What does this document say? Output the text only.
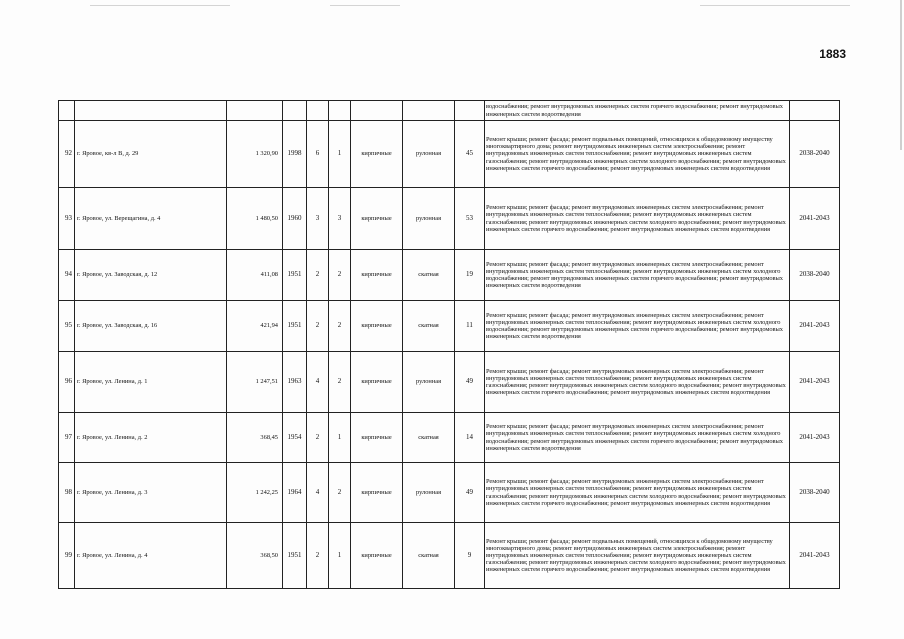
1883
									водоснабжения; ремонт внутридомовых инженерных систем горячего водоснабжения; ремонт внутридомовых инженерных систем водоотведения	
92	г. Яровое, кв-л В, д. 29	1 320,90	1998	6	1	кирпичные	рулонная	45	Ремонт крыши; ремонт фасада; ремонт подвальных помещений, относящихся к общедомовому имуществу многоквартирного дома; ремонт внутридомовых инженерных систем электроснабжения; ремонт внутридомовых инженерных систем теплоснабжения; ремонт внутридомовых инженерных систем газоснабжения; ремонт внутридомовых инженерных систем холодного водоснабжения; ремонт внутридомовых инженерных систем горячего водоснабжения; ремонт внутридомовых инженерных систем водоотведения	2038-2040
93	г. Яровое, ул. Верещагина, д. 4	1 480,50	1960	3	3	кирпичные	рулонная	53	Ремонт крыши; ремонт фасада; ремонт внутридомовых инженерных систем электроснабжения; ремонт внутридомовых инженерных систем теплоснабжения; ремонт внутридомовых инженерных систем газоснабжения; ремонт внутридомовых инженерных систем холодного водоснабжения; ремонт внутридомовых инженерных систем горячего водоснабжения; ремонт внутридомовых инженерных систем водоотведения	2041-2043
94	г. Яровое, ул. Заводская, д. 12	411,08	1951	2	2	кирпичные	скатная	19	Ремонт крыши; ремонт фасада; ремонт внутридомовых инженерных систем электроснабжения; ремонт внутридомовых инженерных систем теплоснабжения; ремонт внутридомовых инженерных систем холодного водоснабжения; ремонт внутридомовых инженерных систем горячего водоснабжения; ремонт внутридомовых инженерных систем водоотведения	2038-2040
95	г. Яровое, ул. Заводская, д. 16	421,94	1951	2	2	кирпичные	скатная	11	Ремонт крыши; ремонт фасада; ремонт внутридомовых инженерных систем электроснабжения; ремонт внутридомовых инженерных систем теплоснабжения; ремонт внутридомовых инженерных систем холодного водоснабжения; ремонт внутридомовых инженерных систем горячего водоснабжения; ремонт внутридомовых инженерных систем водоотведения	2041-2043
96	г. Яровое, ул. Ленина, д. 1	1 247,51	1963	4	2	кирпичные	рулонная	49	Ремонт крыши; ремонт фасада; ремонт внутридомовых инженерных систем электроснабжения; ремонт внутридомовых инженерных систем теплоснабжения; ремонт внутридомовых инженерных систем газоснабжения; ремонт внутридомовых инженерных систем холодного водоснабжения; ремонт внутридомовых инженерных систем горячего водоснабжения; ремонт внутридомовых инженерных систем водоотведения	2041-2043
97	г. Яровое, ул. Ленина, д. 2	368,45	1954	2	1	кирпичные	скатная	14	Ремонт крыши; ремонт фасада; ремонт внутридомовых инженерных систем электроснабжения; ремонт внутридомовых инженерных систем теплоснабжения; ремонт внутридомовых инженерных систем холодного водоснабжения; ремонт внутридомовых инженерных систем горячего водоснабжения; ремонт внутридомовых инженерных систем водоотведения	2041-2043
98	г. Яровое, ул. Ленина, д. 3	1 242,25	1964	4	2	кирпичные	рулонная	49	Ремонт крыши; ремонт фасада; ремонт внутридомовых инженерных систем электроснабжения; ремонт внутридомовых инженерных систем теплоснабжения; ремонт внутридомовых инженерных систем газоснабжения; ремонт внутридомовых инженерных систем холодного водоснабжения; ремонт внутридомовых инженерных систем горячего водоснабжения; ремонт внутридомовых инженерных систем водоотведения	2038-2040
99	г. Яровое, ул. Ленина, д. 4	368,50	1951	2	1	кирпичные	скатная	9	Ремонт крыши; ремонт фасада; ремонт подвальных помещений, относящихся к общедомовому имуществу многоквартирного дома; ремонт внутридомовых инженерных систем электроснабжения; ремонт внутридомовых инженерных систем теплоснабжения; ремонт внутридомовых инженерных систем газоснабжения; ремонт внутридомовых инженерных систем холодного водоснабжения; ремонт внутридомовых инженерных систем горячего водоснабжения; ремонт внутридомовых инженерных систем водоотведения	2041-2043
